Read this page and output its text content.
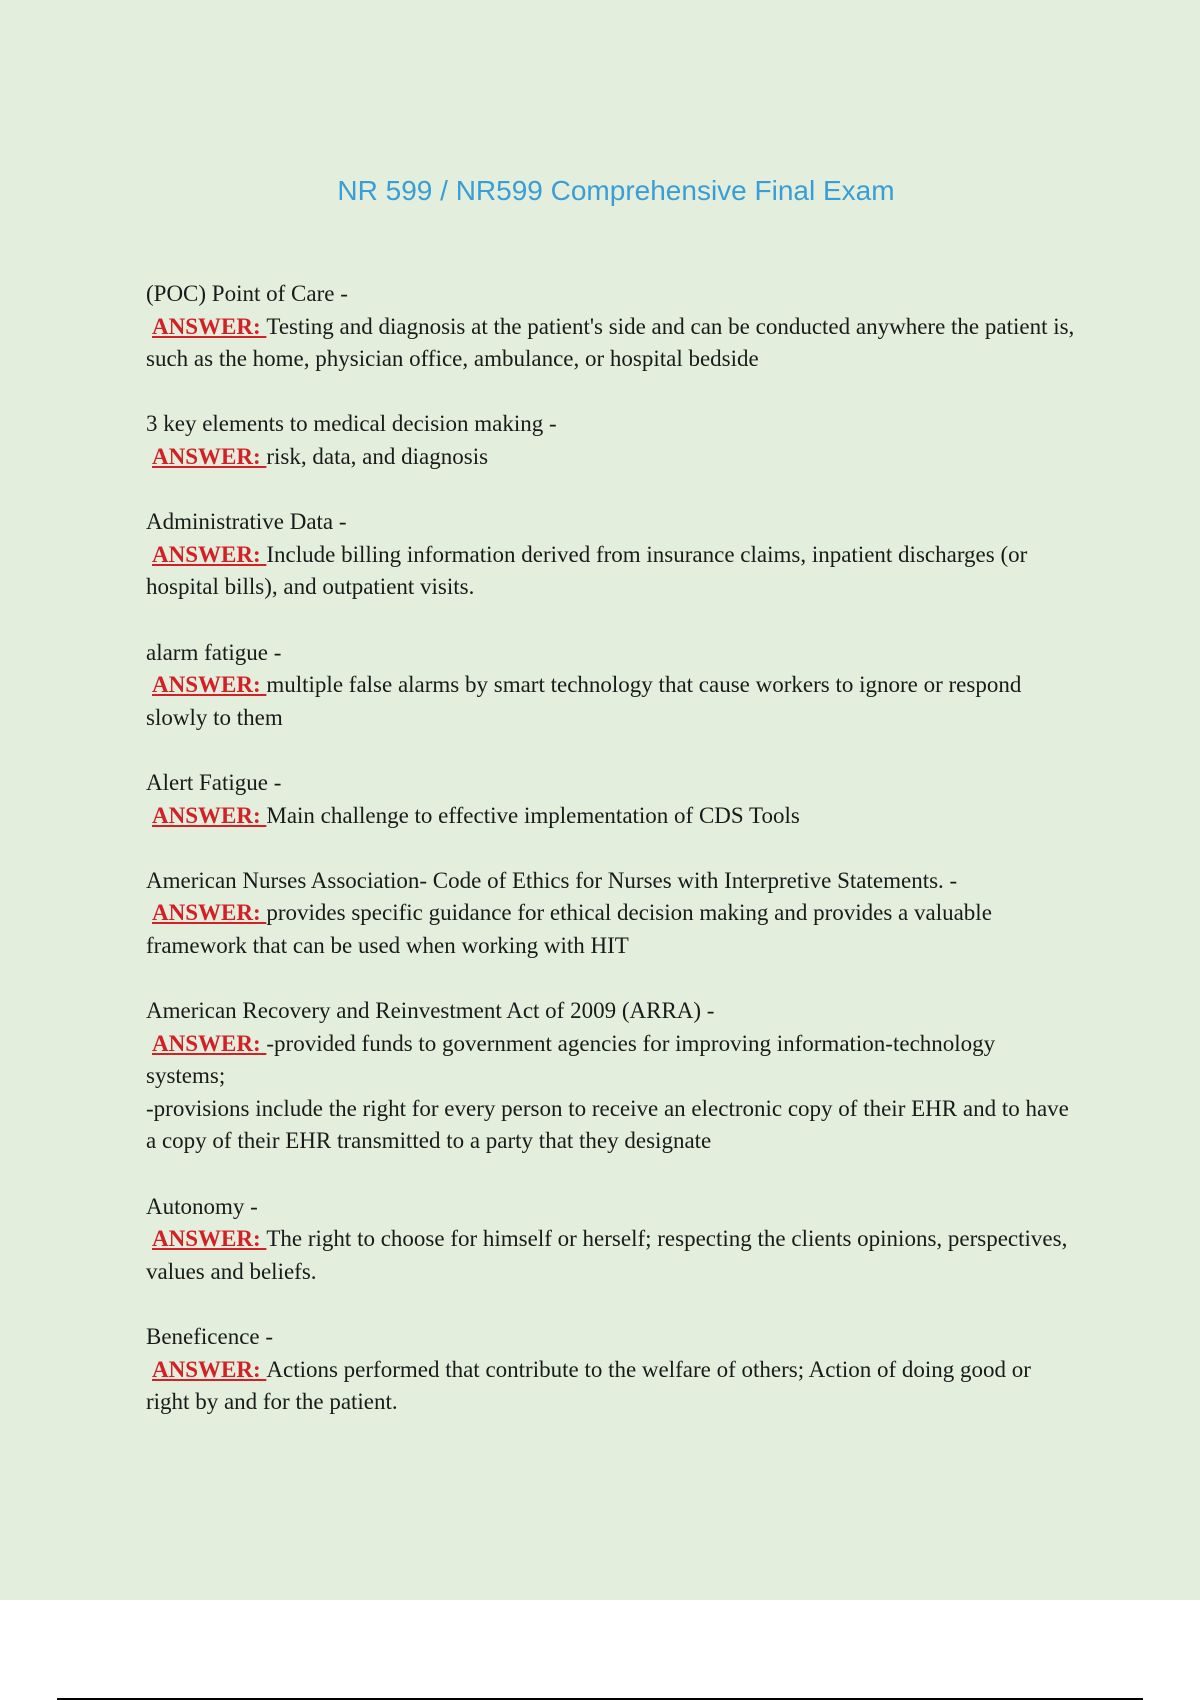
NR 599 / NR599 Comprehensive Final Exam
(POC) Point of Care -
ANSWER: Testing and diagnosis at the patient's side and can be conducted anywhere the patient is, such as the home, physician office, ambulance, or hospital bedside
3 key elements to medical decision making -
ANSWER: risk, data, and diagnosis
Administrative Data -
ANSWER: Include billing information derived from insurance claims, inpatient discharges (or hospital bills), and outpatient visits.
alarm fatigue -
ANSWER: multiple false alarms by smart technology that cause workers to ignore or respond slowly to them
Alert Fatigue -
ANSWER: Main challenge to effective implementation of CDS Tools
American Nurses Association- Code of Ethics for Nurses with Interpretive Statements. -
ANSWER: provides specific guidance for ethical decision making and provides a valuable framework that can be used when working with HIT
American Recovery and Reinvestment Act of 2009 (ARRA) -
ANSWER: -provided funds to government agencies for improving information-technology systems;
-provisions include the right for every person to receive an electronic copy of their EHR and to have a copy of their EHR transmitted to a party that they designate
Autonomy -
ANSWER: The right to choose for himself or herself; respecting the clients opinions, perspectives, values and beliefs.
Beneficence -
ANSWER: Actions performed that contribute to the welfare of others; Action of doing good or right by and for the patient.
